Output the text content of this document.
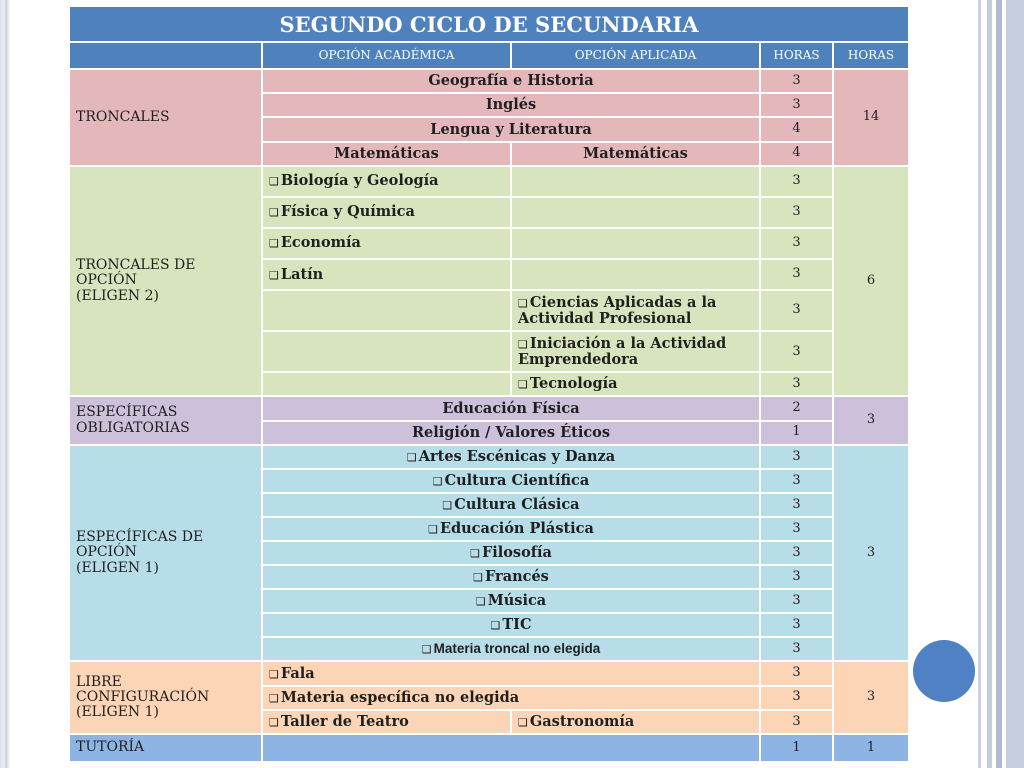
SEGUNDO CICLO DE SECUNDARIA				
	OPCIÓN ACADÉMICA	OPCIÓN APLICADA	HORAS	HORAS
TRONCALES	Geografía e Historia		3	14
	Inglés		3	
	Lengua y Literatura		4	
	Matemáticas	Matemáticas	4	
TRONCALES DE
OPCIÓN
(ELIGEN 2)	❑ Biología y Geología		3	6
	❑ Física y Química		3	
	❑ Economía		3	
	❑ Latín		3	
		❑ Ciencias Aplicadas a la Actividad Profesional	3	
		❑ Iniciación a la Actividad Emprendedora	3	
		❑ Tecnología	3	
ESPECÍFICAS
OBLIGATORIAS	Educación Física		2	3
	Religión / Valores Éticos		1	
ESPECÍFICAS DE
OPCIÓN
(ELIGEN 1)	❑ Artes Escénicas y Danza		3	3
	❑ Cultura Científica		3	
	❑ Cultura Clásica		3	
	❑ Educación Plástica		3	
	❑ Filosofía		3	
	❑ Francés		3	
	❑ Música		3	
	❑ TIC		3	
	❑ Materia troncal no elegida		3	
LIBRE
CONFIGURACIÓN
(ELIGEN 1)	❑ Fala		3	3
	❑ Materia específica no elegida		3	
	❑ Taller de Teatro	❑ Gastronomía	3	
TUTORÍA			1	1
